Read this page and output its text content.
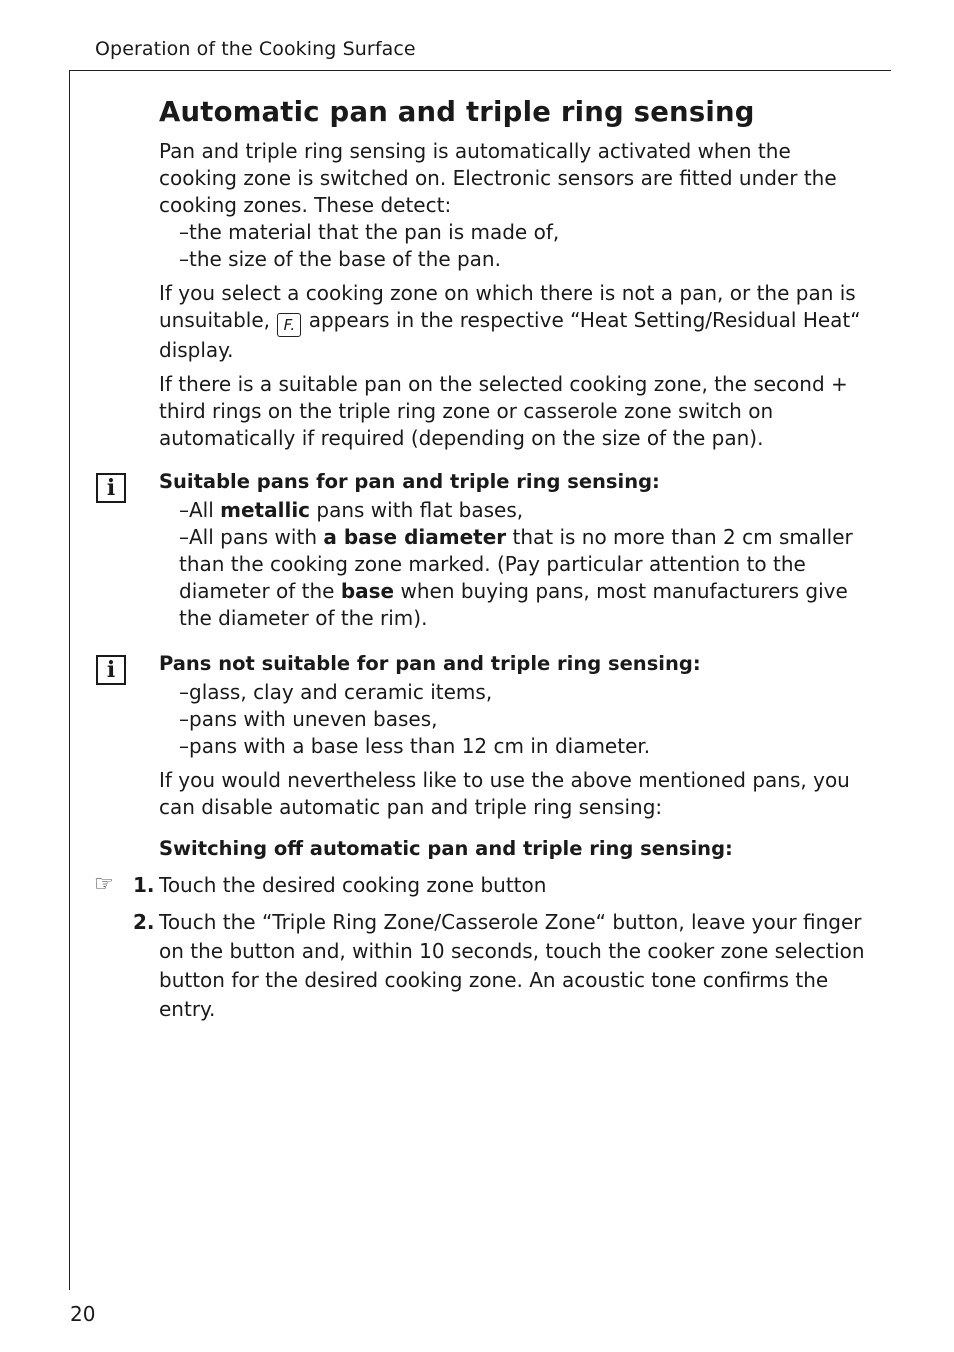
Operation of the Cooking Surface
i
i
☞
Automatic pan and triple ring sensing

Pan and triple ring sensing is automatically activated when the cooking zone is switched on. Electronic sensors are fitted under the cooking zones. These detect:

–the material that the pan is made of,
–the size of the base of the pan.

If you select a cooking zone on which there is not a pan, or the pan is unsuitable, F. appears in the respective “Heat Setting/Residual Heat“ display.

If there is a suitable pan on the selected cooking zone, the second + third rings on the triple ring zone or casserole zone switch on automatically if required (depending on the size of the pan).

Suitable pans for pan and triple ring sensing:
–All metallic pans with flat bases,
–All pans with a base diameter that is no more than 2 cm smaller than the cooking zone marked. (Pay particular attention to the diameter of the base when buying pans, most manufacturers give the diameter of the rim).
Pans not suitable for pan and triple ring sensing:
–glass, clay and ceramic items,
–pans with uneven bases,
–pans with a base less than 12 cm in diameter.

If you would nevertheless like to use the above mentioned pans, you can disable automatic pan and triple ring sensing:

Switching off automatic pan and triple ring sensing:
1. Touch the desired cooking zone button
2. Touch the “Triple Ring Zone/Casserole Zone“ button, leave your finger on the button and, within 10 seconds, touch the cooker zone selection button for the desired cooking zone. An acoustic tone confirms the entry.
20
